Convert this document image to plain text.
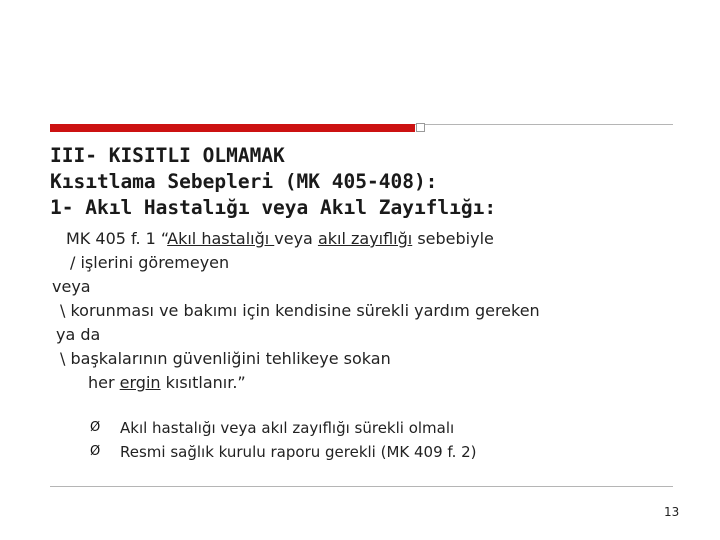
III- KISITLI OLMAMAK
Kısıtlama Sebepleri (MK 405-408):
1- Akıl Hastalığı veya Akıl Zayıflığı:
MK 405 f. 1 “Akıl hastalığı veya akıl zayıflığı sebebiyle
/ işlerini göremeyen
veya
\ korunması ve bakımı için kendisine sürekli yardım gereken
ya da
\ başkalarının güvenliğini tehlikeye sokan
her ergin kısıtlanır.”
Ø Akıl hastalığı veya akıl zayıflığı sürekli olmalı
Ø Resmi sağlık kurulu raporu gerekli (MK 409 f. 2)
13
